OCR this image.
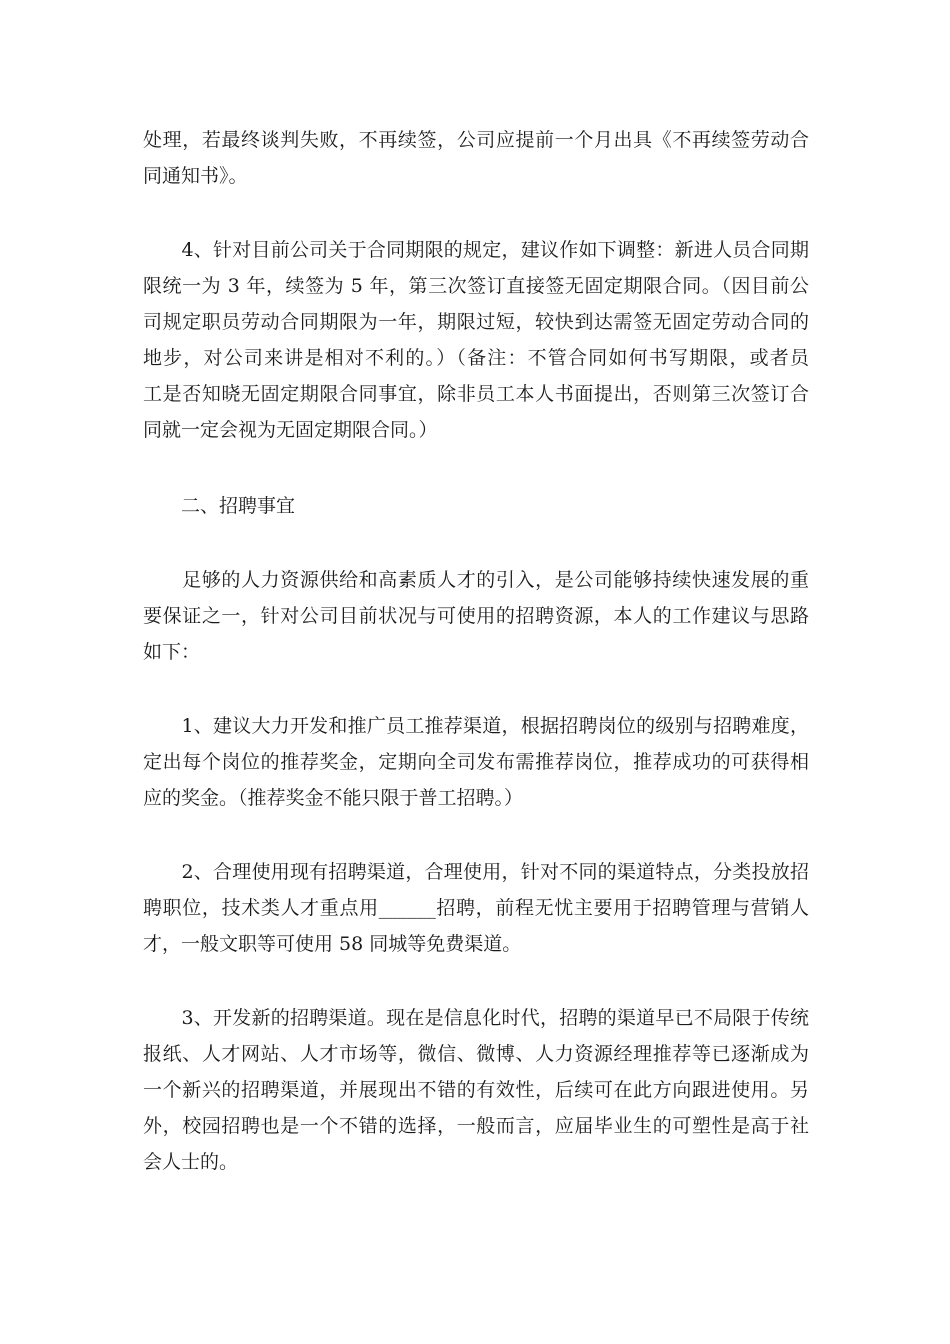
处理，若最终谈判失败，不再续签，公司应提前一个月出具《不再续签劳动合
同通知书》。
　　4、针对目前公司关于合同期限的规定，建议作如下调整：新进人员合同期
限统一为 3 年，续签为 5 年，第三次签订直接签无固定期限合同。（因目前公
司规定职员劳动合同期限为一年，期限过短，较快到达需签无固定劳动合同的
地步，对公司来讲是相对不利的。）（备注：不管合同如何书写期限，或者员
工是否知晓无固定期限合同事宜，除非员工本人书面提出，否则第三次签订合
同就一定会视为无固定期限合同。）
　　二、招聘事宜
　　足够的人力资源供给和高素质人才的引入，是公司能够持续快速发展的重
要保证之一，针对公司目前状况与可使用的招聘资源，本人的工作建议与思路
如下：
　　1、建议大力开发和推广员工推荐渠道，根据招聘岗位的级别与招聘难度，
定出每个岗位的推荐奖金，定期向全司发布需推荐岗位，推荐成功的可获得相
应的奖金。（推荐奖金不能只限于普工招聘。）
　　2、合理使用现有招聘渠道，合理使用，针对不同的渠道特点，分类投放招
聘职位，技术类人才重点用______招聘，前程无忧主要用于招聘管理与营销人
才，一般文职等可使用 58 同城等免费渠道。
　　3、开发新的招聘渠道。现在是信息化时代，招聘的渠道早已不局限于传统
报纸、人才网站、人才市场等，微信、微博、人力资源经理推荐等已逐渐成为
一个新兴的招聘渠道，并展现出不错的有效性，后续可在此方向跟进使用。另
外，校园招聘也是一个不错的选择，一般而言，应届毕业生的可塑性是高于社
会人士的。
